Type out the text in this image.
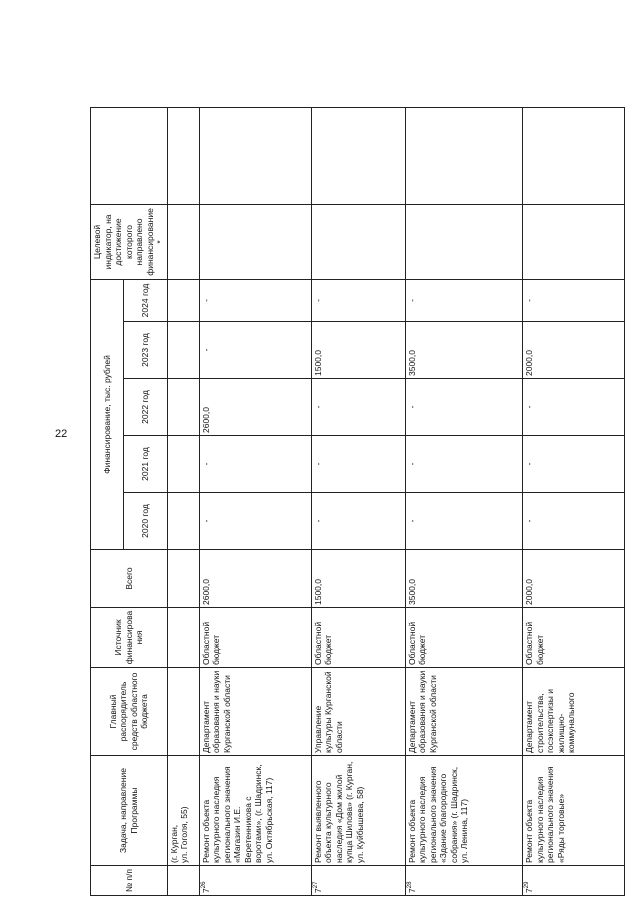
22
№ п/п	Задача, направление Программы	Главный распорядитель средств областного бюджета	Источник финансирования	Всего	Финансирование, тыс. рублей					Целевой индикатор, на достижение которого направлено финансирование*	
					2020 год	2021 год	2022 год	2023 год	2024 год		

	(г. Курган, ул. Гоголя, 55)										

$7^{26}$	Ремонт объекта культурного наследия регионального значения «Магазин И.Е. Веретенникова с воротами», (г. Шадринск, ул. Октябрьская, 117)	Департамент образования и науки Курганской области	Областной бюджет	2600,0	-	-	2600,0	-	-		
$7^{27}$	Ремонт выявленного объекта культурного наследия «Дом жилой купца Шилова» (г. Курган, ул. Куйбышева, 58)	Управление культуры Курганской области	Областной бюджет	1500,0	-	-	-	1500,0	-		
$7^{28}$	Ремонт объекта культурного наследия регионального значения «Здание благородного собрания» (г. Шадринск, ул. Ленина, 117)	Департамент образования и науки Курганской области	Областной бюджет	3500,0	-	-	-	3500,0	-		
$7^{29}$	Ремонт объекта культурного наследия регионального значения «Ряды торговые»	Департамент строительства, госэкспертизы и жилищно-коммунального	Областной бюджет	2000,0	-	-	-	2000,0	-		
